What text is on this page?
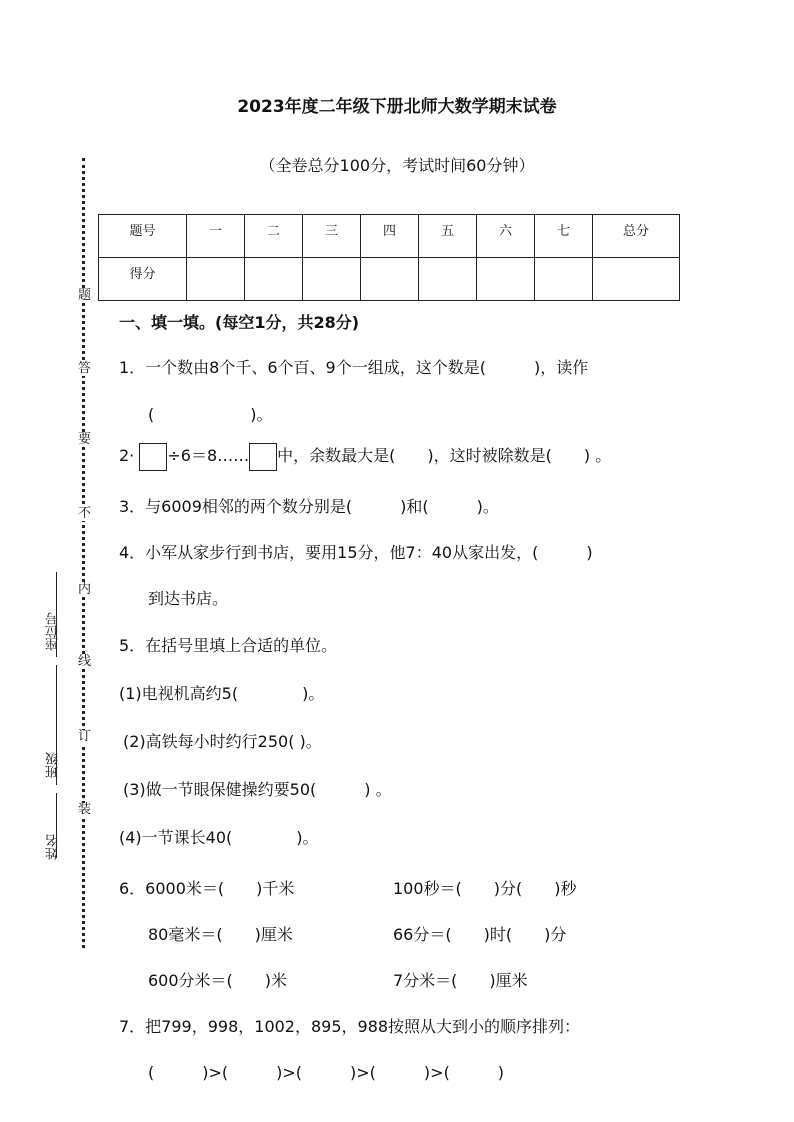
2023年度二年级下册北师大数学期末试卷
（全卷总分100分，考试时间60分钟）
题号	一	二	三	四	五	六	七	总分
得分								
题
答
要
不
内
线
订
装
座位号
班级
姓名
一、填一填。(每空1分，共28分)
1．一个数由8个千、6个百、9个一组成，这个数是(　　　)，读作
(　　　　　　)。
2· ÷6＝8…… 中，余数最大是(　　)，这时被除数是(　　) 。
3．与6009相邻的两个数分别是(　　　)和(　　　)。
4．小军从家步行到书店，要用15分，他7：40从家出发，(　　　)
到达书店。
5．在括号里填上合适的单位。
(1)电视机高约5(　　　　)。
(2)高铁每小时约行250( )。
(3)做一节眼保健操约要50(　　　) 。
(4)一节课长40(　　　　)。
6．6000米＝(　　)千米	100秒＝(　　)分(　　)秒
80毫米＝(　　)厘米	66分＝(　　)时(　　)分
600分米＝(　　)米	7分米＝(　　)厘米
7．把799，998，1002，895，988按照从大到小的顺序排列：
(　　　)>(　　　)>(　　　)>(　　　)>(　　　)
